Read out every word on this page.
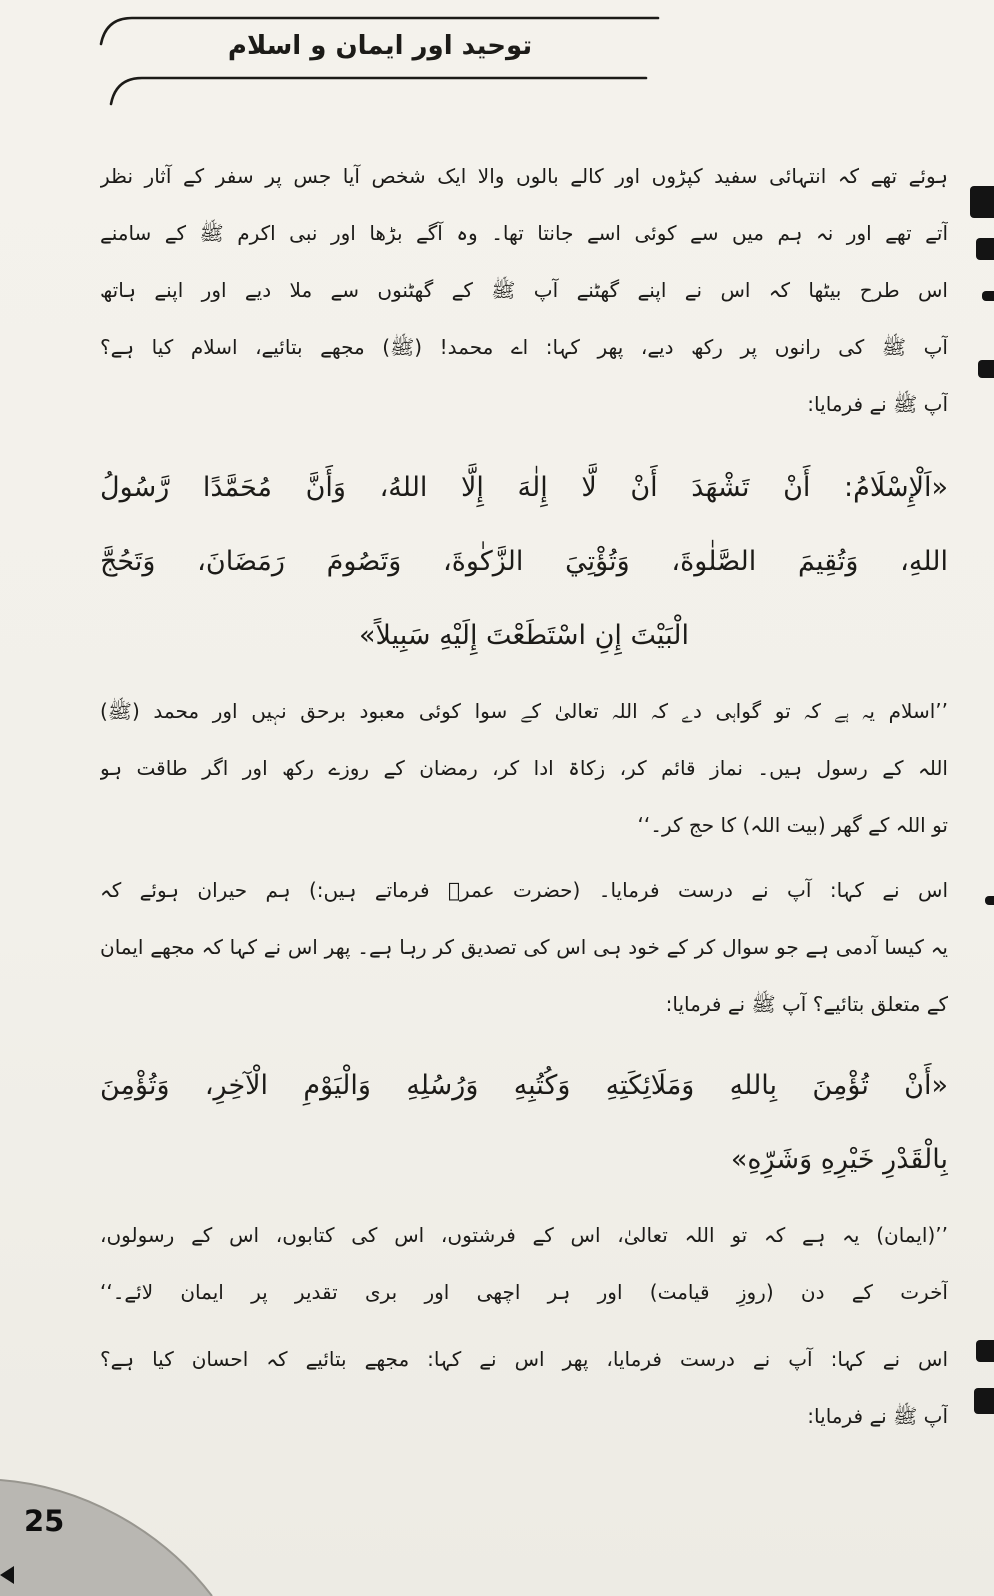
توحید اور ایمان و اسلام
ہوئے تھے کہ انتہائی سفید کپڑوں اور کالے بالوں والا ایک شخص آیا جس پر سفر کے آثار نظر
آتے تھے اور نہ ہم میں سے کوئی اسے جانتا تھا۔ وہ آگے بڑھا اور نبی اکرم ﷺ کے سامنے
اس طرح بیٹھا کہ اس نے اپنے گھٹنے آپ ﷺ کے گھٹنوں سے ملا دیے اور اپنے ہاتھ
آپ ﷺ کی رانوں پر رکھ دیے، پھر کہا: اے محمد! (ﷺ) مجھے بتائیے، اسلام کیا ہے؟
آپ ﷺ نے فرمایا:
«اَلْإِسْلَامُ: أَنْ تَشْهَدَ أَنْ لَّا إِلٰهَ إِلَّا اللهُ، وَأَنَّ مُحَمَّدًا رَّسُولُ
اللهِ، وَتُقِيمَ الصَّلٰوةَ، وَتُؤْتِيَ الزَّكٰوةَ، وَتَصُومَ رَمَضَانَ، وَتَحُجَّ
الْبَيْتَ إِنِ اسْتَطَعْتَ إِلَيْهِ سَبِيلاً»
’’اسلام یہ ہے کہ تو گواہی دے کہ اللہ تعالیٰ کے سوا کوئی معبود برحق نہیں اور محمد (ﷺ)
اللہ کے رسول ہیں۔ نماز قائم کر، زکاۃ ادا کر، رمضان کے روزے رکھ اور اگر طاقت ہو
تو اللہ کے گھر (بیت اللہ) کا حج کر۔‘‘
اس نے کہا: آپ نے درست فرمایا۔ (حضرت عمرؓ فرماتے ہیں:) ہم حیران ہوئے کہ
یہ کیسا آدمی ہے جو سوال کر کے خود ہی اس کی تصدیق کر رہا ہے۔ پھر اس نے کہا کہ مجھے ایمان
کے متعلق بتائیے؟ آپ ﷺ نے فرمایا:
«أَنْ تُؤْمِنَ بِاللهِ وَمَلَائِكَتِهِ وَكُتُبِهِ وَرُسُلِهِ وَالْيَوْمِ الْآخِرِ، وَتُؤْمِنَ
بِالْقَدْرِ خَيْرِهِ وَشَرِّهِ»
’’(ایمان) یہ ہے کہ تو اللہ تعالیٰ، اس کے فرشتوں، اس کی کتابوں، اس کے رسولوں،
آخرت کے دن (روزِ قیامت) اور ہر اچھی اور بری تقدیر پر ایمان لائے۔‘‘
اس نے کہا: آپ نے درست فرمایا، پھر اس نے کہا: مجھے بتائیے کہ احسان کیا ہے؟
آپ ﷺ نے فرمایا:
25
